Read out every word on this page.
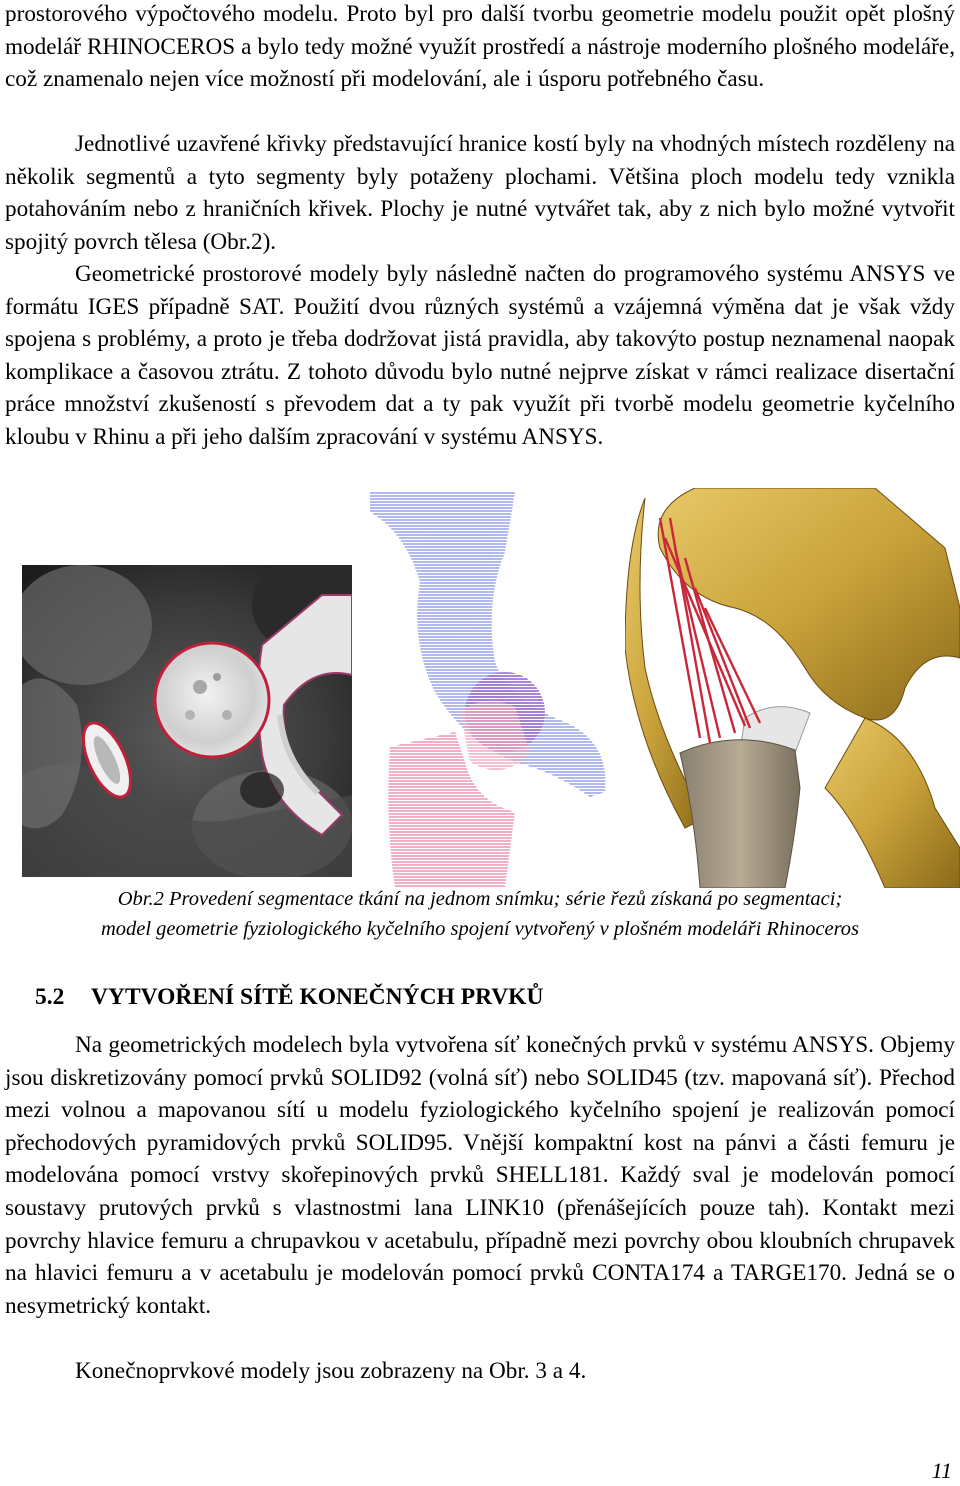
prostorového výpočtového modelu. Proto byl pro další tvorbu geometrie modelu použit opět plošný modelář RHINOCEROS a bylo tedy možné využít prostředí a nástroje moderního plošného modeláře, což znamenalo nejen více možností při modelování, ale i úsporu potřebného času.

Jednotlivé uzavřené křivky představující hranice kostí byly na vhodných místech rozděleny na několik segmentů a tyto segmenty byly potaženy plochami. Většina ploch modelu tedy vznikla potahováním nebo z hraničních křivek. Plochy je nutné vytvářet tak, aby z nich bylo možné vytvořit spojitý povrch tělesa (Obr.2).

Geometrické prostorové modely byly následně načten do programového systému ANSYS ve formátu IGES případně SAT. Použití dvou různých systémů a vzájemná výměna dat je však vždy spojena s problémy, a proto je třeba dodržovat jistá pravidla, aby takovýto postup neznamenal naopak komplikace a časovou ztrátu. Z tohoto důvodu bylo nutné nejprve získat v rámci realizace disertační práce množství zkušeností s převodem dat a ty pak využít při tvorbě modelu geometrie kyčelního kloubu v Rhinu a při jeho dalším zpracování v systému ANSYS.

Obr.2 Provedení segmentace tkání na jednom snímku; série řezů získaná po segmentaci;
model geometrie fyziologického kyčelního spojení vytvořený v plošném modeláři Rhinoceros
5.2 VYTVOŘENÍ SÍTĚ KONEČNÝCH PRVKŮ

Na geometrických modelech byla vytvořena síť konečných prvků v systému ANSYS. Objemy jsou diskretizovány pomocí prvků SOLID92 (volná síť) nebo SOLID45 (tzv. mapovaná síť). Přechod mezi volnou a mapovanou sítí u modelu fyziologického kyčelního spojení je realizován pomocí přechodových pyramidových prvků SOLID95. Vnější kompaktní kost na pánvi a části femuru je modelována pomocí vrstvy skořepinových prvků SHELL181. Každý sval je modelován pomocí soustavy prutových prvků s vlastnostmi lana LINK10 (přenášejících pouze tah). Kontakt mezi povrchy hlavice femuru a chrupavkou v acetabulu, případně mezi povrchy obou kloubních chrupavek na hlavici femuru a v acetabulu je modelován pomocí prvků CONTA174 a TARGE170. Jedná se o nesymetrický kontakt.

Konečnoprvkové modely jsou zobrazeny na Obr. 3 a 4.

11
